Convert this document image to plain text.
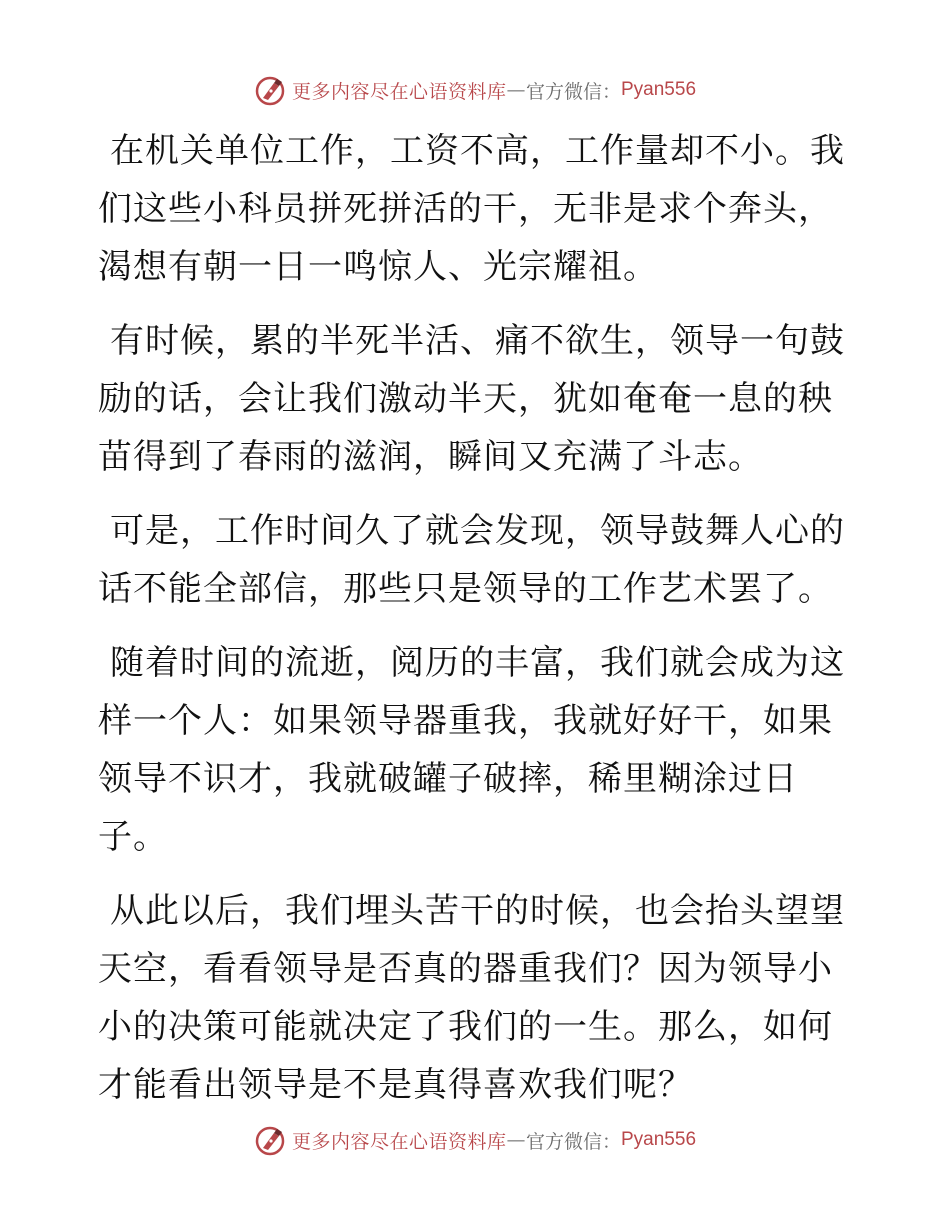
更多内容尽在心语资料库 — 官方微信： Pyan556

在机关单位工作，工资不高，工作量却不小。我们这些小科员拼死拼活的干，无非是求个奔头，渴想有朝一日一鸣惊人、光宗耀祖。

有时候，累的半死半活、痛不欲生，领导一句鼓励的话，会让我们激动半天，犹如奄奄一息的秧苗得到了春雨的滋润，瞬间又充满了斗志。

可是，工作时间久了就会发现，领导鼓舞人心的话不能全部信，那些只是领导的工作艺术罢了。

随着时间的流逝，阅历的丰富，我们就会成为这样一个人：如果领导器重我，我就好好干，如果领导不识才，我就破罐子破摔，稀里糊涂过日子。

从此以后，我们埋头苦干的时候，也会抬头望望天空，看看领导是否真的器重我们？因为领导小小的决策可能就决定了我们的一生。那么，如何才能看出领导是不是真得喜欢我们呢？

更多内容尽在心语资料库 — 官方微信： Pyan556
